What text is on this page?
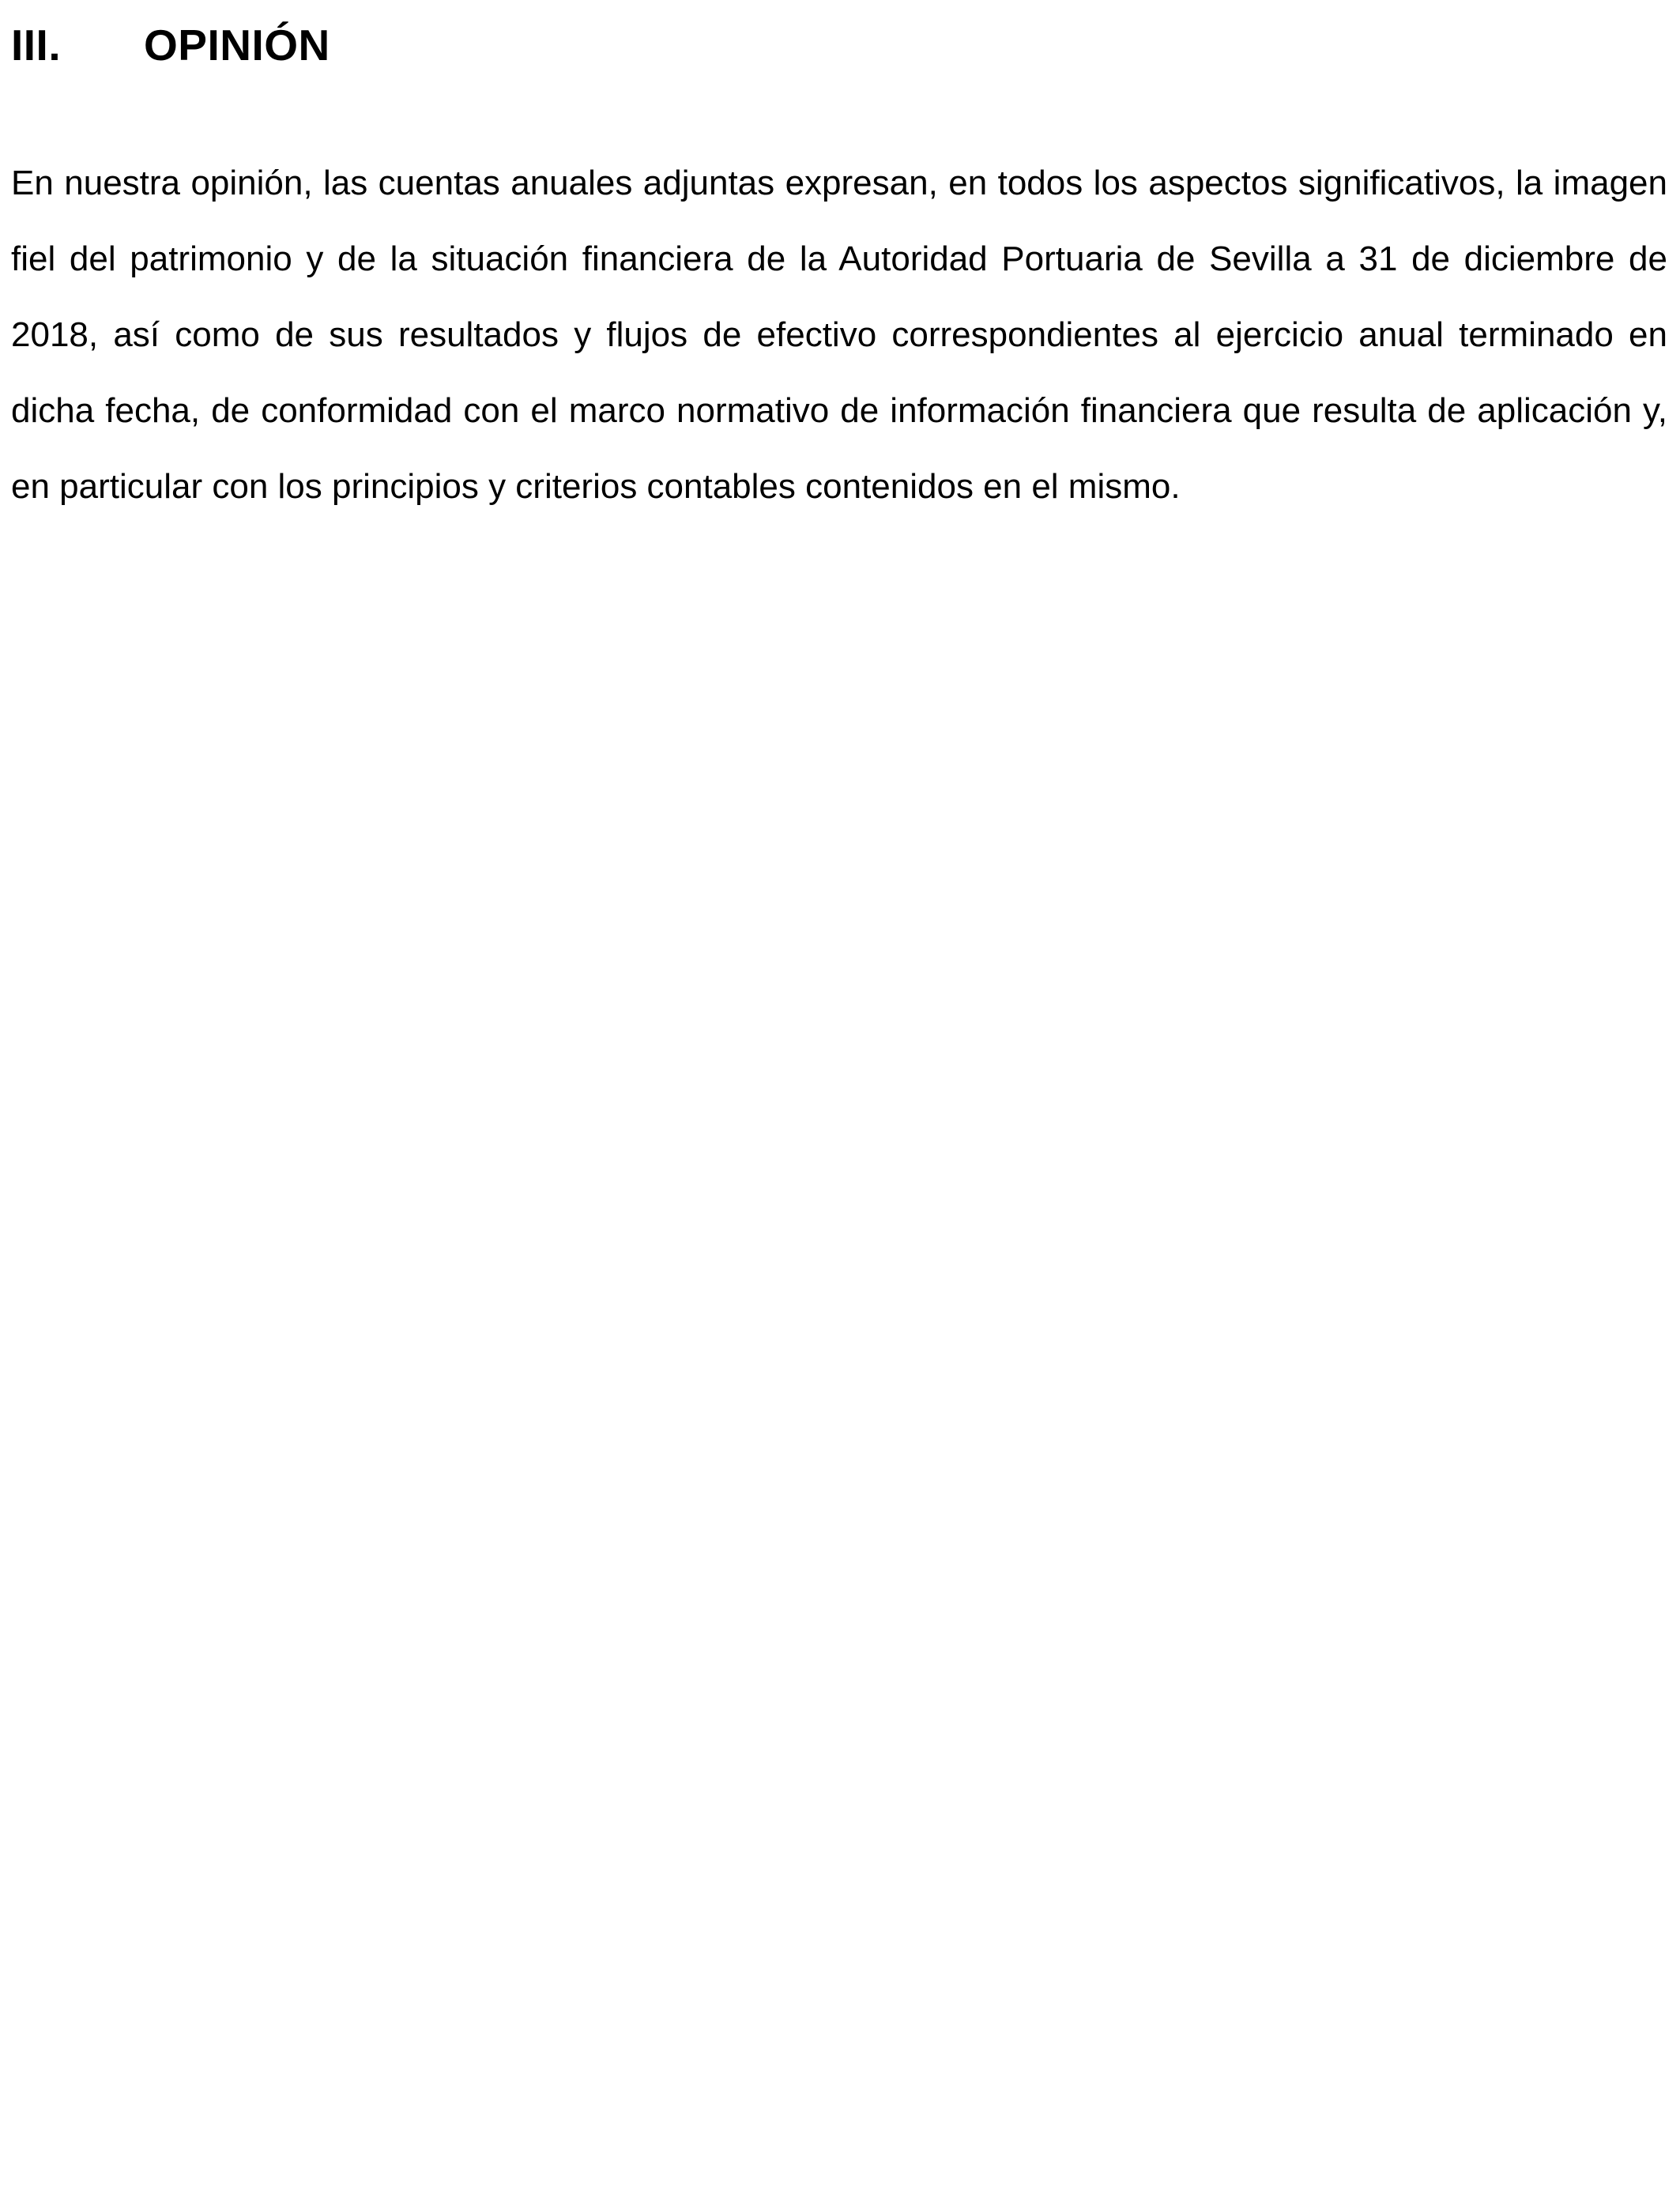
III.	OPINIÓN

En nuestra opinión, las cuentas anuales adjuntas expresan, en todos los aspectos significativos, la imagen fiel del patrimonio y de la situación financiera de la Autoridad Portuaria de Sevilla a 31 de diciembre de 2018, así como de sus resultados y flujos de efectivo correspondientes al ejercicio anual terminado en dicha fecha, de conformidad con el marco normativo de información financiera que resulta de aplicación y, en particular con los principios y criterios contables contenidos en el mismo.
